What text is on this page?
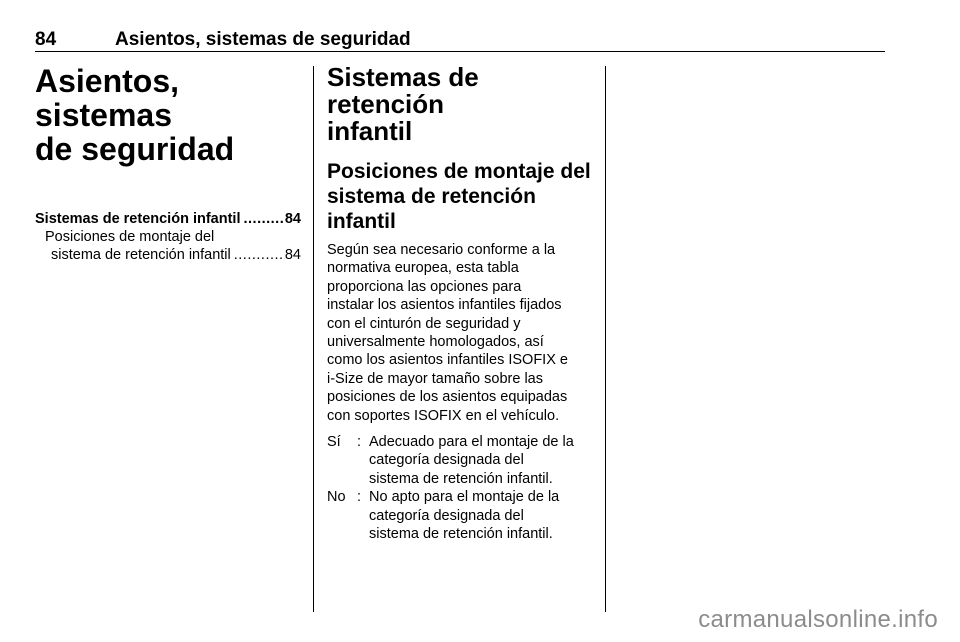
84	Asientos, sistemas de seguridad
Asientos, sistemas
de seguridad
Sistemas de retención infantil .....	84
Posiciones de montaje del
sistema de retención infantil .....	84
Sistemas de retención
infantil
Posiciones de montaje del
sistema de retención infantil

Según sea necesario conforme a la
normativa europea, esta tabla
proporciona las opciones para
instalar los asientos infantiles fijados
con el cinturón de seguridad y
universalmente homologados, así
como los asientos infantiles ISOFIX e
i-Size de mayor tamaño sobre las
posiciones de los asientos equipadas
con soportes ISOFIX en el vehículo.

Sí	: Adecuado para el montaje de la
categoría designada del
sistema de retención infantil.
No : No apto para el montaje de la
categoría designada del
sistema de retención infantil.
carmanualsonline.info
